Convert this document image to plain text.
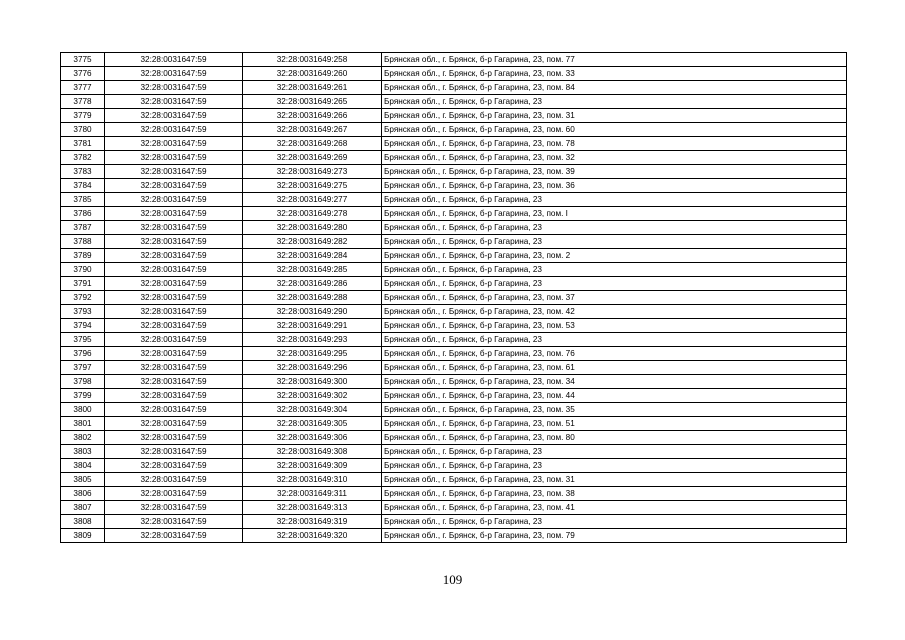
3775	32:28:0031647:59	32:28:0031649:258	Брянская обл., г. Брянск, б-р Гагарина, 23, пом. 77
3776	32:28:0031647:59	32:28:0031649:260	Брянская обл., г. Брянск, б-р Гагарина, 23, пом. 33
3777	32:28:0031647:59	32:28:0031649:261	Брянская обл., г. Брянск, б-р Гагарина, 23, пом. 84
3778	32:28:0031647:59	32:28:0031649:265	Брянская обл., г. Брянск, б-р Гагарина, 23
3779	32:28:0031647:59	32:28:0031649:266	Брянская обл., г. Брянск, б-р Гагарина, 23, пом. 31
3780	32:28:0031647:59	32:28:0031649:267	Брянская обл., г. Брянск, б-р Гагарина, 23, пом. 60
3781	32:28:0031647:59	32:28:0031649:268	Брянская обл., г. Брянск, б-р Гагарина, 23, пом. 78
3782	32:28:0031647:59	32:28:0031649:269	Брянская обл., г. Брянск, б-р Гагарина, 23, пом. 32
3783	32:28:0031647:59	32:28:0031649:273	Брянская обл., г. Брянск, б-р Гагарина, 23, пом. 39
3784	32:28:0031647:59	32:28:0031649:275	Брянская обл., г. Брянск, б-р Гагарина, 23, пом. 36
3785	32:28:0031647:59	32:28:0031649:277	Брянская обл., г. Брянск, б-р Гагарина, 23
3786	32:28:0031647:59	32:28:0031649:278	Брянская обл., г. Брянск, б-р Гагарина, 23, пом. I
3787	32:28:0031647:59	32:28:0031649:280	Брянская обл., г. Брянск, б-р Гагарина, 23
3788	32:28:0031647:59	32:28:0031649:282	Брянская обл., г. Брянск, б-р Гагарина, 23
3789	32:28:0031647:59	32:28:0031649:284	Брянская обл., г. Брянск, б-р Гагарина, 23, пом. 2
3790	32:28:0031647:59	32:28:0031649:285	Брянская обл., г. Брянск, б-р Гагарина, 23
3791	32:28:0031647:59	32:28:0031649:286	Брянская обл., г. Брянск, б-р Гагарина, 23
3792	32:28:0031647:59	32:28:0031649:288	Брянская обл., г. Брянск, б-р Гагарина, 23, пом. 37
3793	32:28:0031647:59	32:28:0031649:290	Брянская обл., г. Брянск, б-р Гагарина, 23, пом. 42
3794	32:28:0031647:59	32:28:0031649:291	Брянская обл., г. Брянск, б-р Гагарина, 23, пом. 53
3795	32:28:0031647:59	32:28:0031649:293	Брянская обл., г. Брянск, б-р Гагарина, 23
3796	32:28:0031647:59	32:28:0031649:295	Брянская обл., г. Брянск, б-р Гагарина, 23, пом. 76
3797	32:28:0031647:59	32:28:0031649:296	Брянская обл., г. Брянск, б-р Гагарина, 23, пом. 61
3798	32:28:0031647:59	32:28:0031649:300	Брянская обл., г. Брянск, б-р Гагарина, 23, пом. 34
3799	32:28:0031647:59	32:28:0031649:302	Брянская обл., г. Брянск, б-р Гагарина, 23, пом. 44
3800	32:28:0031647:59	32:28:0031649:304	Брянская обл., г. Брянск, б-р Гагарина, 23, пом. 35
3801	32:28:0031647:59	32:28:0031649:305	Брянская обл., г. Брянск, б-р Гагарина, 23, пом. 51
3802	32:28:0031647:59	32:28:0031649:306	Брянская обл., г. Брянск, б-р Гагарина, 23, пом. 80
3803	32:28:0031647:59	32:28:0031649:308	Брянская обл., г. Брянск, б-р Гагарина, 23
3804	32:28:0031647:59	32:28:0031649:309	Брянская обл., г. Брянск, б-р Гагарина, 23
3805	32:28:0031647:59	32:28:0031649:310	Брянская обл., г. Брянск, б-р Гагарина, 23, пом. 31
3806	32:28:0031647:59	32:28:0031649:311	Брянская обл., г. Брянск, б-р Гагарина, 23, пом. 38
3807	32:28:0031647:59	32:28:0031649:313	Брянская обл., г. Брянск, б-р Гагарина, 23, пом. 41
3808	32:28:0031647:59	32:28:0031649:319	Брянская обл., г. Брянск, б-р Гагарина, 23
3809	32:28:0031647:59	32:28:0031649:320	Брянская обл., г. Брянск, б-р Гагарина, 23, пом. 79
109
